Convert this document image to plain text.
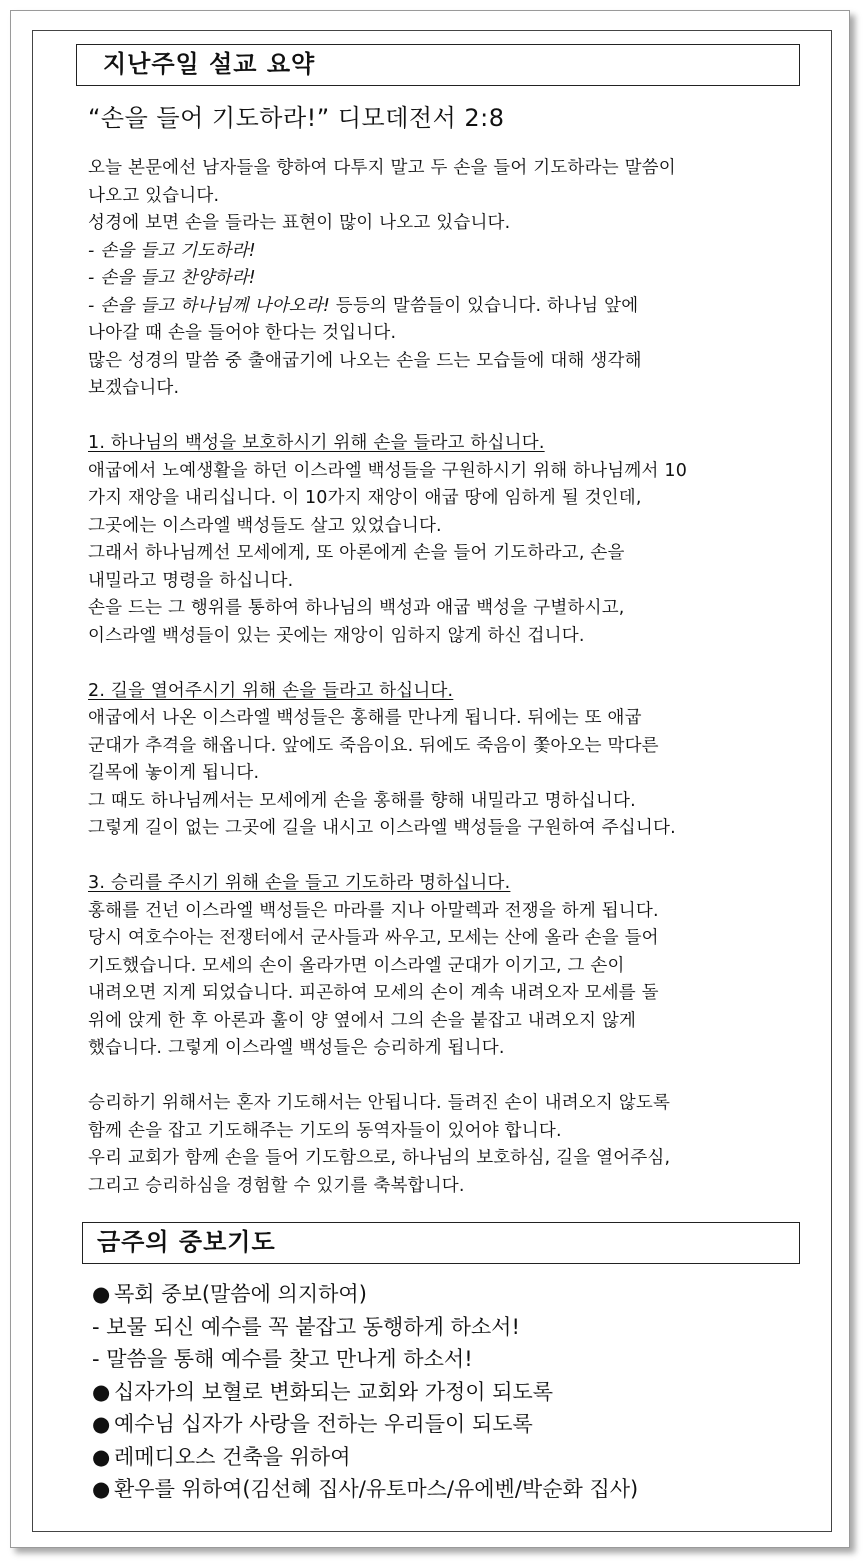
지난주일 설교 요약
“손을 들어 기도하라!” 디모데전서 2:8
오늘 본문에선 남자들을 향하여 다투지 말고 두 손을 들어 기도하라는 말씀이
나오고 있습니다.
성경에 보면 손을 들라는 표현이 많이 나오고 있습니다.
- 손을 들고 기도하라!
- 손을 들고 찬양하라!
- 손을 들고 하나님께 나아오라! 등등의 말씀들이 있습니다. 하나님 앞에
나아갈 때 손을 들어야 한다는 것입니다.
많은 성경의 말씀 중 출애굽기에 나오는 손을 드는 모습들에 대해 생각해
보겠습니다.
1. 하나님의 백성을 보호하시기 위해 손을 들라고 하십니다.
애굽에서 노예생활을 하던 이스라엘 백성들을 구원하시기 위해 하나님께서 10
가지 재앙을 내리십니다. 이 10가지 재앙이 애굽 땅에 임하게 될 것인데,
그곳에는 이스라엘 백성들도 살고 있었습니다.
그래서 하나님께선 모세에게, 또 아론에게 손을 들어 기도하라고, 손을
내밀라고 명령을 하십니다.
손을 드는 그 행위를 통하여 하나님의 백성과 애굽 백성을 구별하시고,
이스라엘 백성들이 있는 곳에는 재앙이 임하지 않게 하신 겁니다.
2. 길을 열어주시기 위해 손을 들라고 하십니다.
애굽에서 나온 이스라엘 백성들은 홍해를 만나게 됩니다. 뒤에는 또 애굽
군대가 추격을 해옵니다. 앞에도 죽음이요. 뒤에도 죽음이 쫓아오는 막다른
길목에 놓이게 됩니다.
그 때도 하나님께서는 모세에게 손을 홍해를 향해 내밀라고 명하십니다.
그렇게 길이 없는 그곳에 길을 내시고 이스라엘 백성들을 구원하여 주십니다.
3. 승리를 주시기 위해 손을 들고 기도하라 명하십니다.
홍해를 건넌 이스라엘 백성들은 마라를 지나 아말렉과 전쟁을 하게 됩니다.
당시 여호수아는 전쟁터에서 군사들과 싸우고, 모세는 산에 올라 손을 들어
기도했습니다. 모세의 손이 올라가면 이스라엘 군대가 이기고, 그 손이
내려오면 지게 되었습니다. 피곤하여 모세의 손이 계속 내려오자 모세를 돌
위에 앉게 한 후 아론과 훌이 양 옆에서 그의 손을 붙잡고 내려오지 않게
했습니다. 그렇게 이스라엘 백성들은 승리하게 됩니다.
승리하기 위해서는 혼자 기도해서는 안됩니다. 들려진 손이 내려오지 않도록
함께 손을 잡고 기도해주는 기도의 동역자들이 있어야 합니다.
우리 교회가 함께 손을 들어 기도함으로, 하나님의 보호하심, 길을 열어주심,
그리고 승리하심을 경험할 수 있기를 축복합니다.
금주의 중보기도
● 목회 중보(말씀에 의지하여)
- 보물 되신 예수를 꼭 붙잡고 동행하게 하소서!
- 말씀을 통해 예수를 찾고 만나게 하소서!
● 십자가의 보혈로 변화되는 교회와 가정이 되도록
● 예수님 십자가 사랑을 전하는 우리들이 되도록
● 레메디오스 건축을 위하여
● 환우를 위하여(김선혜 집사/유토마스/유에벤/박순화 집사)
